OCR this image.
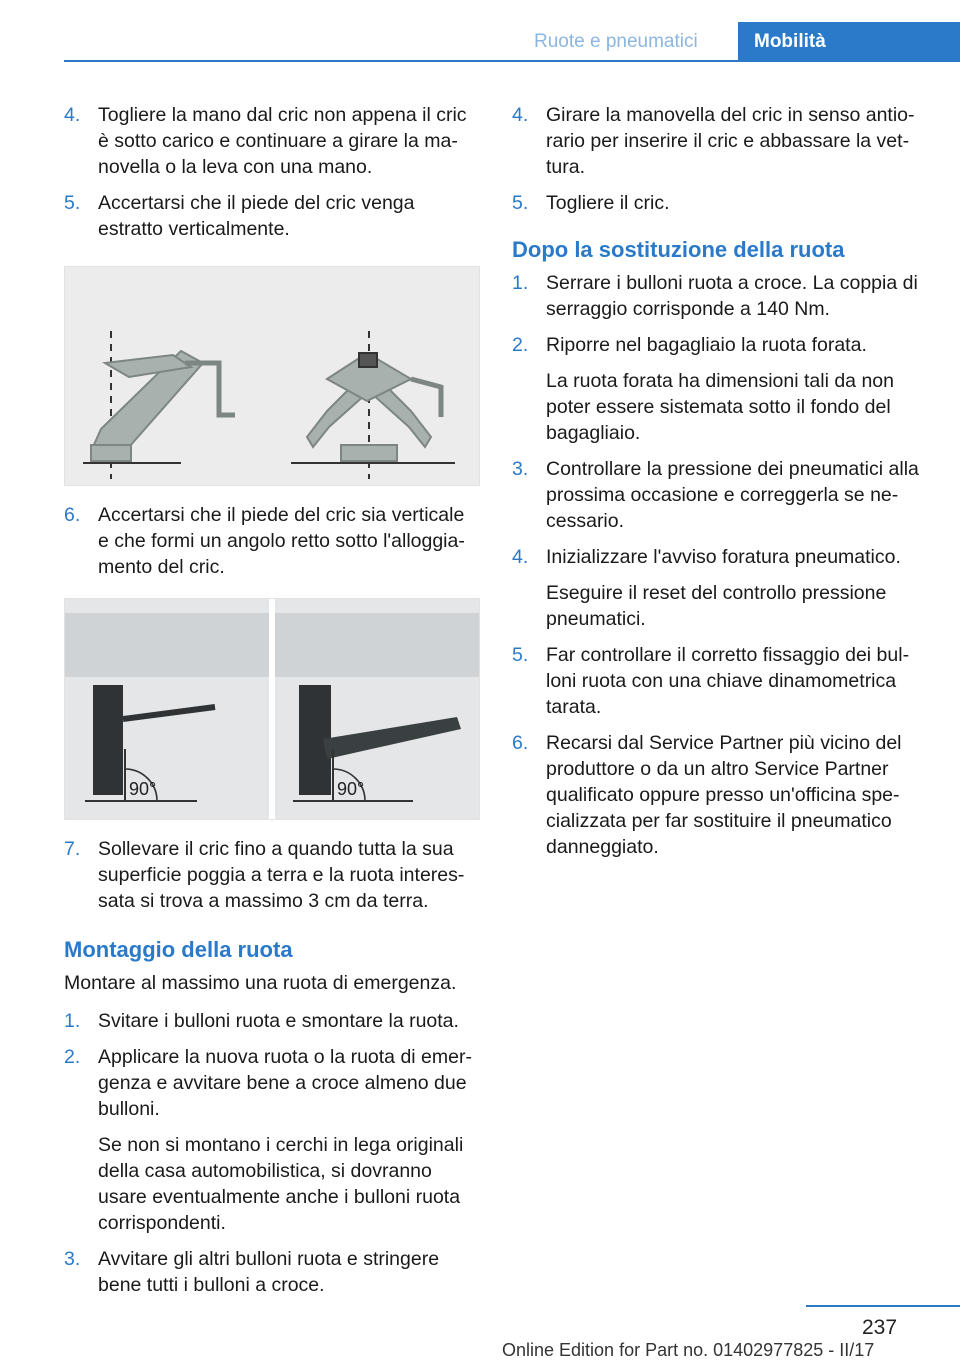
Ruote e pneumatici	Mobilità
4. Togliere la mano dal cric non appena il cric è sotto carico e continuare a girare la manovella o la leva con una mano.

5. Accertarsi che il piede del cric venga estratto verticalmente.

6. Accertarsi che il piede del cric sia verticale e che formi un angolo retto sotto l'alloggiamento del cric.

90°	90°
7. Sollevare il cric fino a quando tutta la sua superficie poggia a terra e la ruota interessata si trova a massimo 3 cm da terra.

Montaggio della ruota
Montare al massimo una ruota di emergenza.
1. Svitare i bulloni ruota e smontare la ruota.

2. Applicare la nuova ruota o la ruota di emergenza e avvitare bene a croce almeno due bulloni.

Se non si montano i cerchi in lega originali della casa automobilistica, si dovranno usare eventualmente anche i bulloni ruota corrispondenti.

3. Avvitare gli altri bulloni ruota e stringere bene tutti i bulloni a croce.

4. Girare la manovella del cric in senso antiorario per inserire il cric e abbassare la vettura.

5. Togliere il cric.

Dopo la sostituzione della ruota
1. Serrare i bulloni ruota a croce. La coppia di serraggio corrisponde a 140 Nm.

2. Riporre nel bagagliaio la ruota forata.

La ruota forata ha dimensioni tali da non poter essere sistemata sotto il fondo del bagagliaio.

3. Controllare la pressione dei pneumatici alla prossima occasione e correggerla se necessario.

4. Inizializzare l'avviso foratura pneumatico.

Eseguire il reset del controllo pressione pneumatici.

5. Far controllare il corretto fissaggio dei bulloni ruota con una chiave dinamometrica tarata.

6. Recarsi dal Service Partner più vicino del produttore o da un altro Service Partner qualificato oppure presso un'officina specializzata per far sostituire il pneumatico danneggiato.

237
Online Edition for Part no. 01402977825 - II/17
